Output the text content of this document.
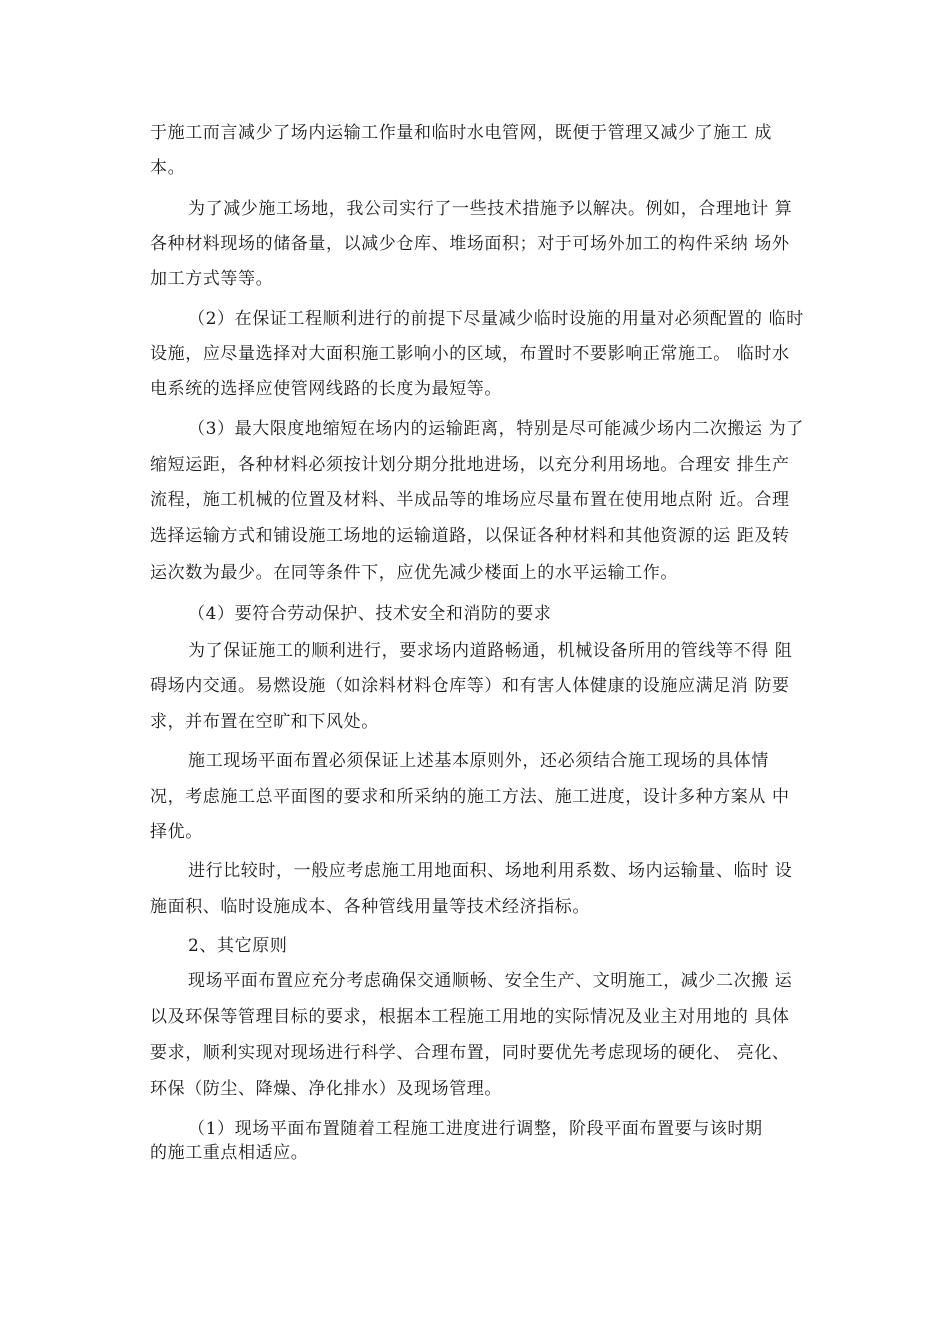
于施工而言减少了场内运输工作量和临时水电管网，既便于管理又减少了施工 成
本。
为了减少施工场地，我公司实行了一些技术措施予以解决。例如，合理地计 算
各种材料现场的储备量，以减少仓库、堆场面积；对于可场外加工的构件采纳 场外
加工方式等等。
（2）在保证工程顺利进行的前提下尽量减少临时设施的用量对必须配置的 临时
设施，应尽量选择对大面积施工影响小的区域，布置时不要影响正常施工。 临时水
电系统的选择应使管网线路的长度为最短等。
（3）最大限度地缩短在场内的运输距离，特别是尽可能减少场内二次搬运 为了
缩短运距，各种材料必须按计划分期分批地进场，以充分利用场地。合理安 排生产
流程，施工机械的位置及材料、半成品等的堆场应尽量布置在使用地点附 近。合理
选择运输方式和铺设施工场地的运输道路，以保证各种材料和其他资源的运 距及转
运次数为最少。在同等条件下，应优先减少楼面上的水平运输工作。
（4）要符合劳动保护、技术安全和消防的要求
为了保证施工的顺利进行，要求场内道路畅通，机械设备所用的管线等不得 阻
碍场内交通。易燃设施（如涂料材料仓库等）和有害人体健康的设施应满足消 防要
求，并布置在空旷和下风处。
施工现场平面布置必须保证上述基本原则外，还必须结合施工现场的具体情
况，考虑施工总平面图的要求和所采纳的施工方法、施工进度，设计多种方案从 中
择优。
进行比较时，一般应考虑施工用地面积、场地利用系数、场内运输量、临时 设
施面积、临时设施成本、各种管线用量等技术经济指标。
2、其它原则
现场平面布置应充分考虑确保交通顺畅、安全生产、文明施工，减少二次搬 运
以及环保等管理目标的要求，根据本工程施工用地的实际情况及业主对用地的 具体
要求，顺利实现对现场进行科学、合理布置，同时要优先考虑现场的硬化、 亮化、
环保（防尘、降燥、净化排水）及现场管理。
（1）现场平面布置随着工程施工进度进行调整，阶段平面布置要与该时期
的施工重点相适应。
